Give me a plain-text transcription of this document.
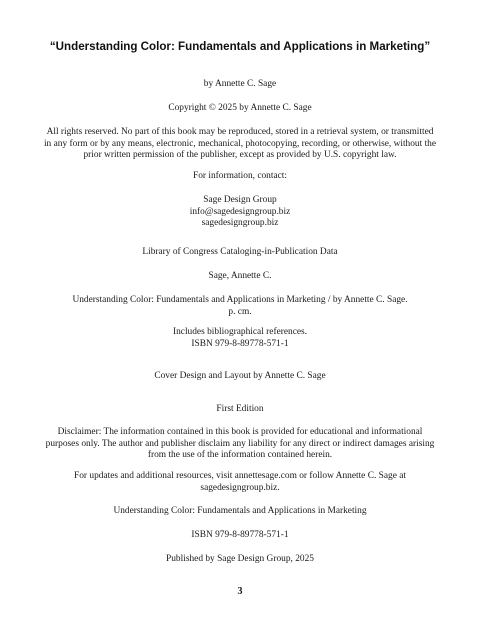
“Understanding Color: Fundamentals and Applications in Marketing”
by Annette C. Sage
Copyright © 2025 by Annette C. Sage
All rights reserved. No part of this book may be reproduced, stored in a retrieval system, or transmitted
in any form or by any means, electronic, mechanical, photocopying, recording, or otherwise, without the
prior written permission of the publisher, except as provided by U.S. copyright law.
For information, contact:
Sage Design Group
info@sagedesigngroup.biz
sagedesigngroup.biz
Library of Congress Cataloging-in-Publication Data
Sage, Annette C.
Understanding Color: Fundamentals and Applications in Marketing / by Annette C. Sage.
p. cm.
Includes bibliographical references.
ISBN 979-8-89778-571-1
Cover Design and Layout by Annette C. Sage
First Edition
Disclaimer: The information contained in this book is provided for educational and informational
purposes only. The author and publisher disclaim any liability for any direct or indirect damages arising
from the use of the information contained herein.
For updates and additional resources, visit annettesage.com or follow Annette C. Sage at
sagedesigngroup.biz.
Understanding Color: Fundamentals and Applications in Marketing
ISBN 979-8-89778-571-1
Published by Sage Design Group, 2025
3
